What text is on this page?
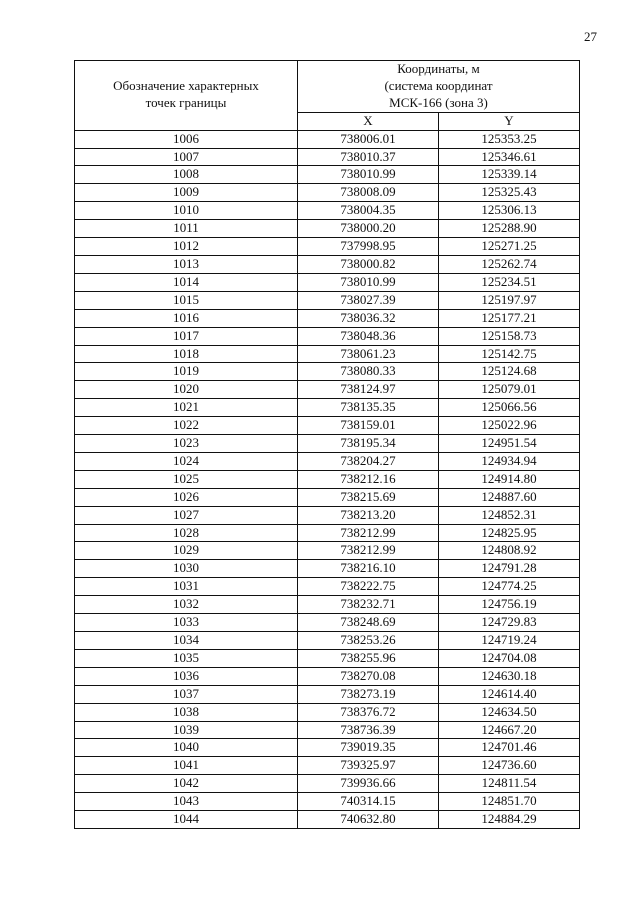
27
Обозначение характерных
точек границы	Координаты, м
(система координат
МСК-166 (зона 3)	

	X	Y
1006	738006.01	125353.25
1007	738010.37	125346.61
1008	738010.99	125339.14
1009	738008.09	125325.43
1010	738004.35	125306.13
1011	738000.20	125288.90
1012	737998.95	125271.25
1013	738000.82	125262.74
1014	738010.99	125234.51
1015	738027.39	125197.97
1016	738036.32	125177.21
1017	738048.36	125158.73
1018	738061.23	125142.75
1019	738080.33	125124.68
1020	738124.97	125079.01
1021	738135.35	125066.56
1022	738159.01	125022.96
1023	738195.34	124951.54
1024	738204.27	124934.94
1025	738212.16	124914.80
1026	738215.69	124887.60
1027	738213.20	124852.31
1028	738212.99	124825.95
1029	738212.99	124808.92
1030	738216.10	124791.28
1031	738222.75	124774.25
1032	738232.71	124756.19
1033	738248.69	124729.83
1034	738253.26	124719.24
1035	738255.96	124704.08
1036	738270.08	124630.18
1037	738273.19	124614.40
1038	738376.72	124634.50
1039	738736.39	124667.20
1040	739019.35	124701.46
1041	739325.97	124736.60
1042	739936.66	124811.54
1043	740314.15	124851.70
1044	740632.80	124884.29
